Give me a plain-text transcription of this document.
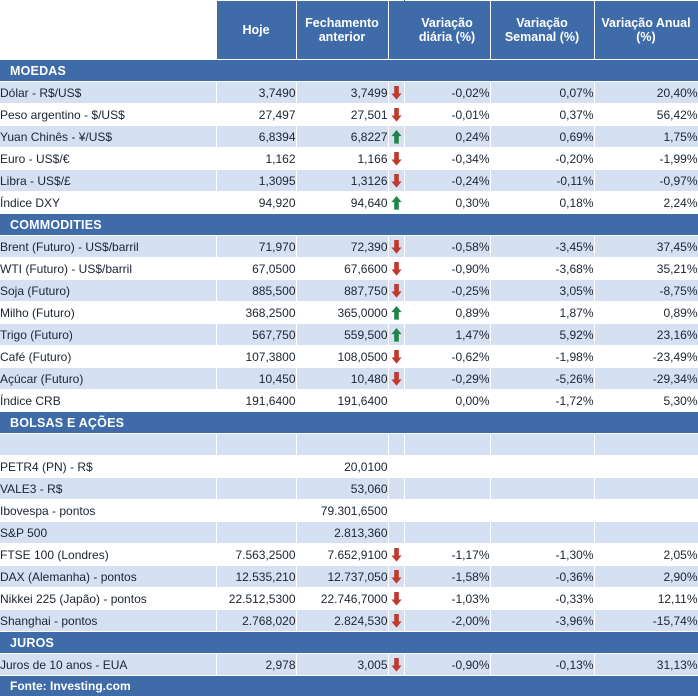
	Hoje	Fechamento anterior		Variação diária (%)	Variação Semanal (%)	Variação Anual (%)
MOEDAS						
Dólar - R$/US$	3,7490	3,7499		-0,02%	0,07%	20,40%
Peso argentino - $/US$	27,497	27,501		-0,01%	0,37%	56,42%
Yuan Chinês - ¥/US$	6,8394	6,8227		0,24%	0,69%	1,75%
Euro - US$/€	1,162	1,166		-0,34%	-0,20%	-1,99%
Libra - US$/£	1,3095	1,3126		-0,24%	-0,11%	-0,97%
Índice DXY	94,920	94,640		0,30%	0,18%	2,24%
COMMODITIES						
Brent (Futuro) - US$/barril	71,970	72,390		-0,58%	-3,45%	37,45%
WTI (Futuro) - US$/barril	67,0500	67,6600		-0,90%	-3,68%	35,21%
Soja (Futuro)	885,500	887,750		-0,25%	3,05%	-8,75%
Milho (Futuro)	368,2500	365,0000		0,89%	1,87%	0,89%
Trigo (Futuro)	567,750	559,500		1,47%	5,92%	23,16%
Café (Futuro)	107,3800	108,0500		-0,62%	-1,98%	-23,49%
Açúcar (Futuro)	10,450	10,480		-0,29%	-5,26%	-29,34%
Índice CRB	191,6400	191,6400		0,00%	-1,72%	5,30%
BOLSAS E AÇÕES						

PETR4 (PN) - R$		20,0100				
VALE3 - R$		53,060				
Ibovespa - pontos		79.301,6500				
S&P 500		2.813,360				
FTSE 100 (Londres)	7.563,2500	7.652,9100		-1,17%	-1,30%	2,05%
DAX (Alemanha) - pontos	12.535,210	12.737,050		-1,58%	-0,36%	2,90%
Nikkei 225 (Japão) - pontos	22.512,5300	22.746,7000		-1,03%	-0,33%	12,11%
Shanghai - pontos	2.768,020	2.824,530		-2,00%	-3,96%	-15,74%
JUROS						
Juros de 10 anos - EUA	2,978	3,005		-0,90%	-0,13%	31,13%
Fonte: Investing.com
